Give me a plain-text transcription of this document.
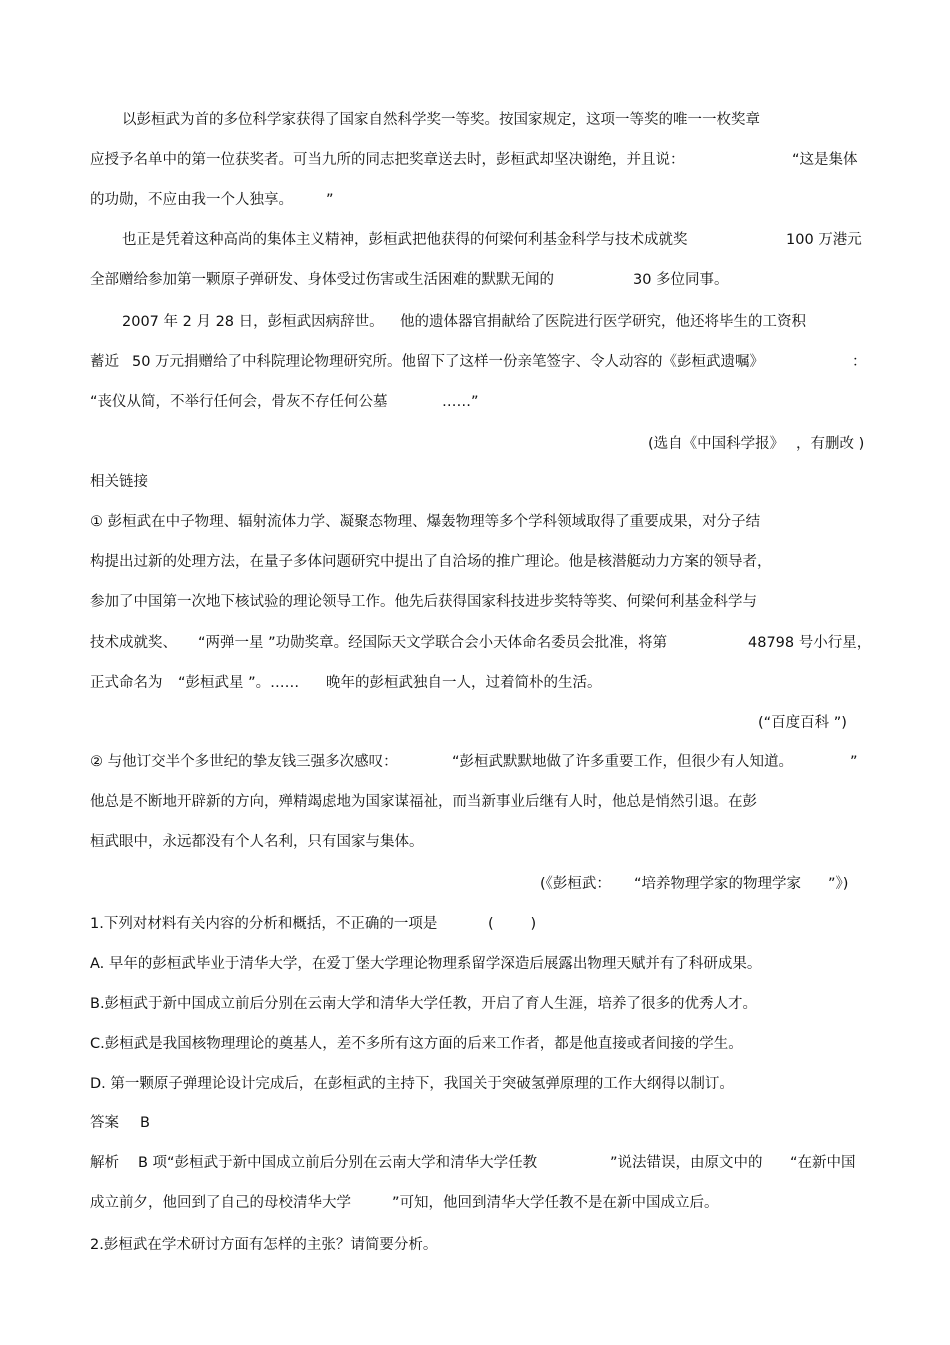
以彭桓武为首的多位科学家获得了国家自然科学奖一等奖。按国家规定，这项一等奖的唯一一枚奖章
应授予名单中的第一位获奖者。可当九所的同志把奖章送去时，彭桓武却坚决谢绝，并且说：	“这是集体
的功勋，不应由我一个人独享。 ”
也正是凭着这种高尚的集体主义精神，彭桓武把他获得的何梁何利基金科学与技术成就奖	100 万港元
全部赠给参加第一颗原子弹研发、身体受过伤害或生活困难的默默无闻的	30 多位同事。
2007 年 2 月 28 日，彭桓武因病辞世。 他的遗体器官捐献给了医院进行医学研究，他还将毕生的工资积
蓄近 50 万元捐赠给了中科院理论物理研究所。他留下了这样一份亲笔签字、令人动容的《彭桓武遗嘱》	：
“丧仪从简，不举行任何会，骨灰不存任何公墓	……”
(选自《中国科学报》 ，有删改 )
相关链接
① 彭桓武在中子物理、辐射流体力学、凝聚态物理、爆轰物理等多个学科领域取得了重要成果，对分子结
构提出过新的处理方法，在量子多体问题研究中提出了自洽场的推广理论。他是核潜艇动力方案的领导者，
参加了中国第一次地下核试验的理论领导工作。他先后获得国家科技进步奖特等奖、何梁何利基金科学与
技术成就奖、 “两弹一星 ”功勋奖章。经国际天文学联合会小天体命名委员会批准，将第	48798 号小行星，
正式命名为 “彭桓武星 ”。…… 晚年的彭桓武独自一人，过着简朴的生活。
(“百度百科 ”)
② 与他订交半个多世纪的挚友钱三强多次感叹：	“彭桓武默默地做了许多重要工作，但很少有人知道。	”
他总是不断地开辟新的方向，殚精竭虑地为国家谋福祉，而当新事业后继有人时，他总是悄然引退。在彭
桓武眼中，永远都没有个人名利，只有国家与集体。
(《彭桓武： “培养物理学家的物理学家 ”》)
1.下列对材料有关内容的分析和概括，不正确的一项是	(        )
A. 早年的彭桓武毕业于清华大学，在爱丁堡大学理论物理系留学深造后展露出物理天赋并有了科研成果。
B.彭桓武于新中国成立前后分别在云南大学和清华大学任教，开启了育人生涯，培养了很多的优秀人才。
C.彭桓武是我国核物理理论的奠基人，差不多所有这方面的后来工作者，都是他直接或者间接的学生。
D. 第一颗原子弹理论设计完成后，在彭桓武的主持下，我国关于突破氢弹原理的工作大纲得以制订。
答案 B
解析 B 项“彭桓武于新中国成立前后分别在云南大学和清华大学任教	”说法错误，由原文中的 “在新中国
成立前夕，他回到了自己的母校清华大学	”可知，他回到清华大学任教不是在新中国成立后。
2.彭桓武在学术研讨方面有怎样的主张？请简要分析。
